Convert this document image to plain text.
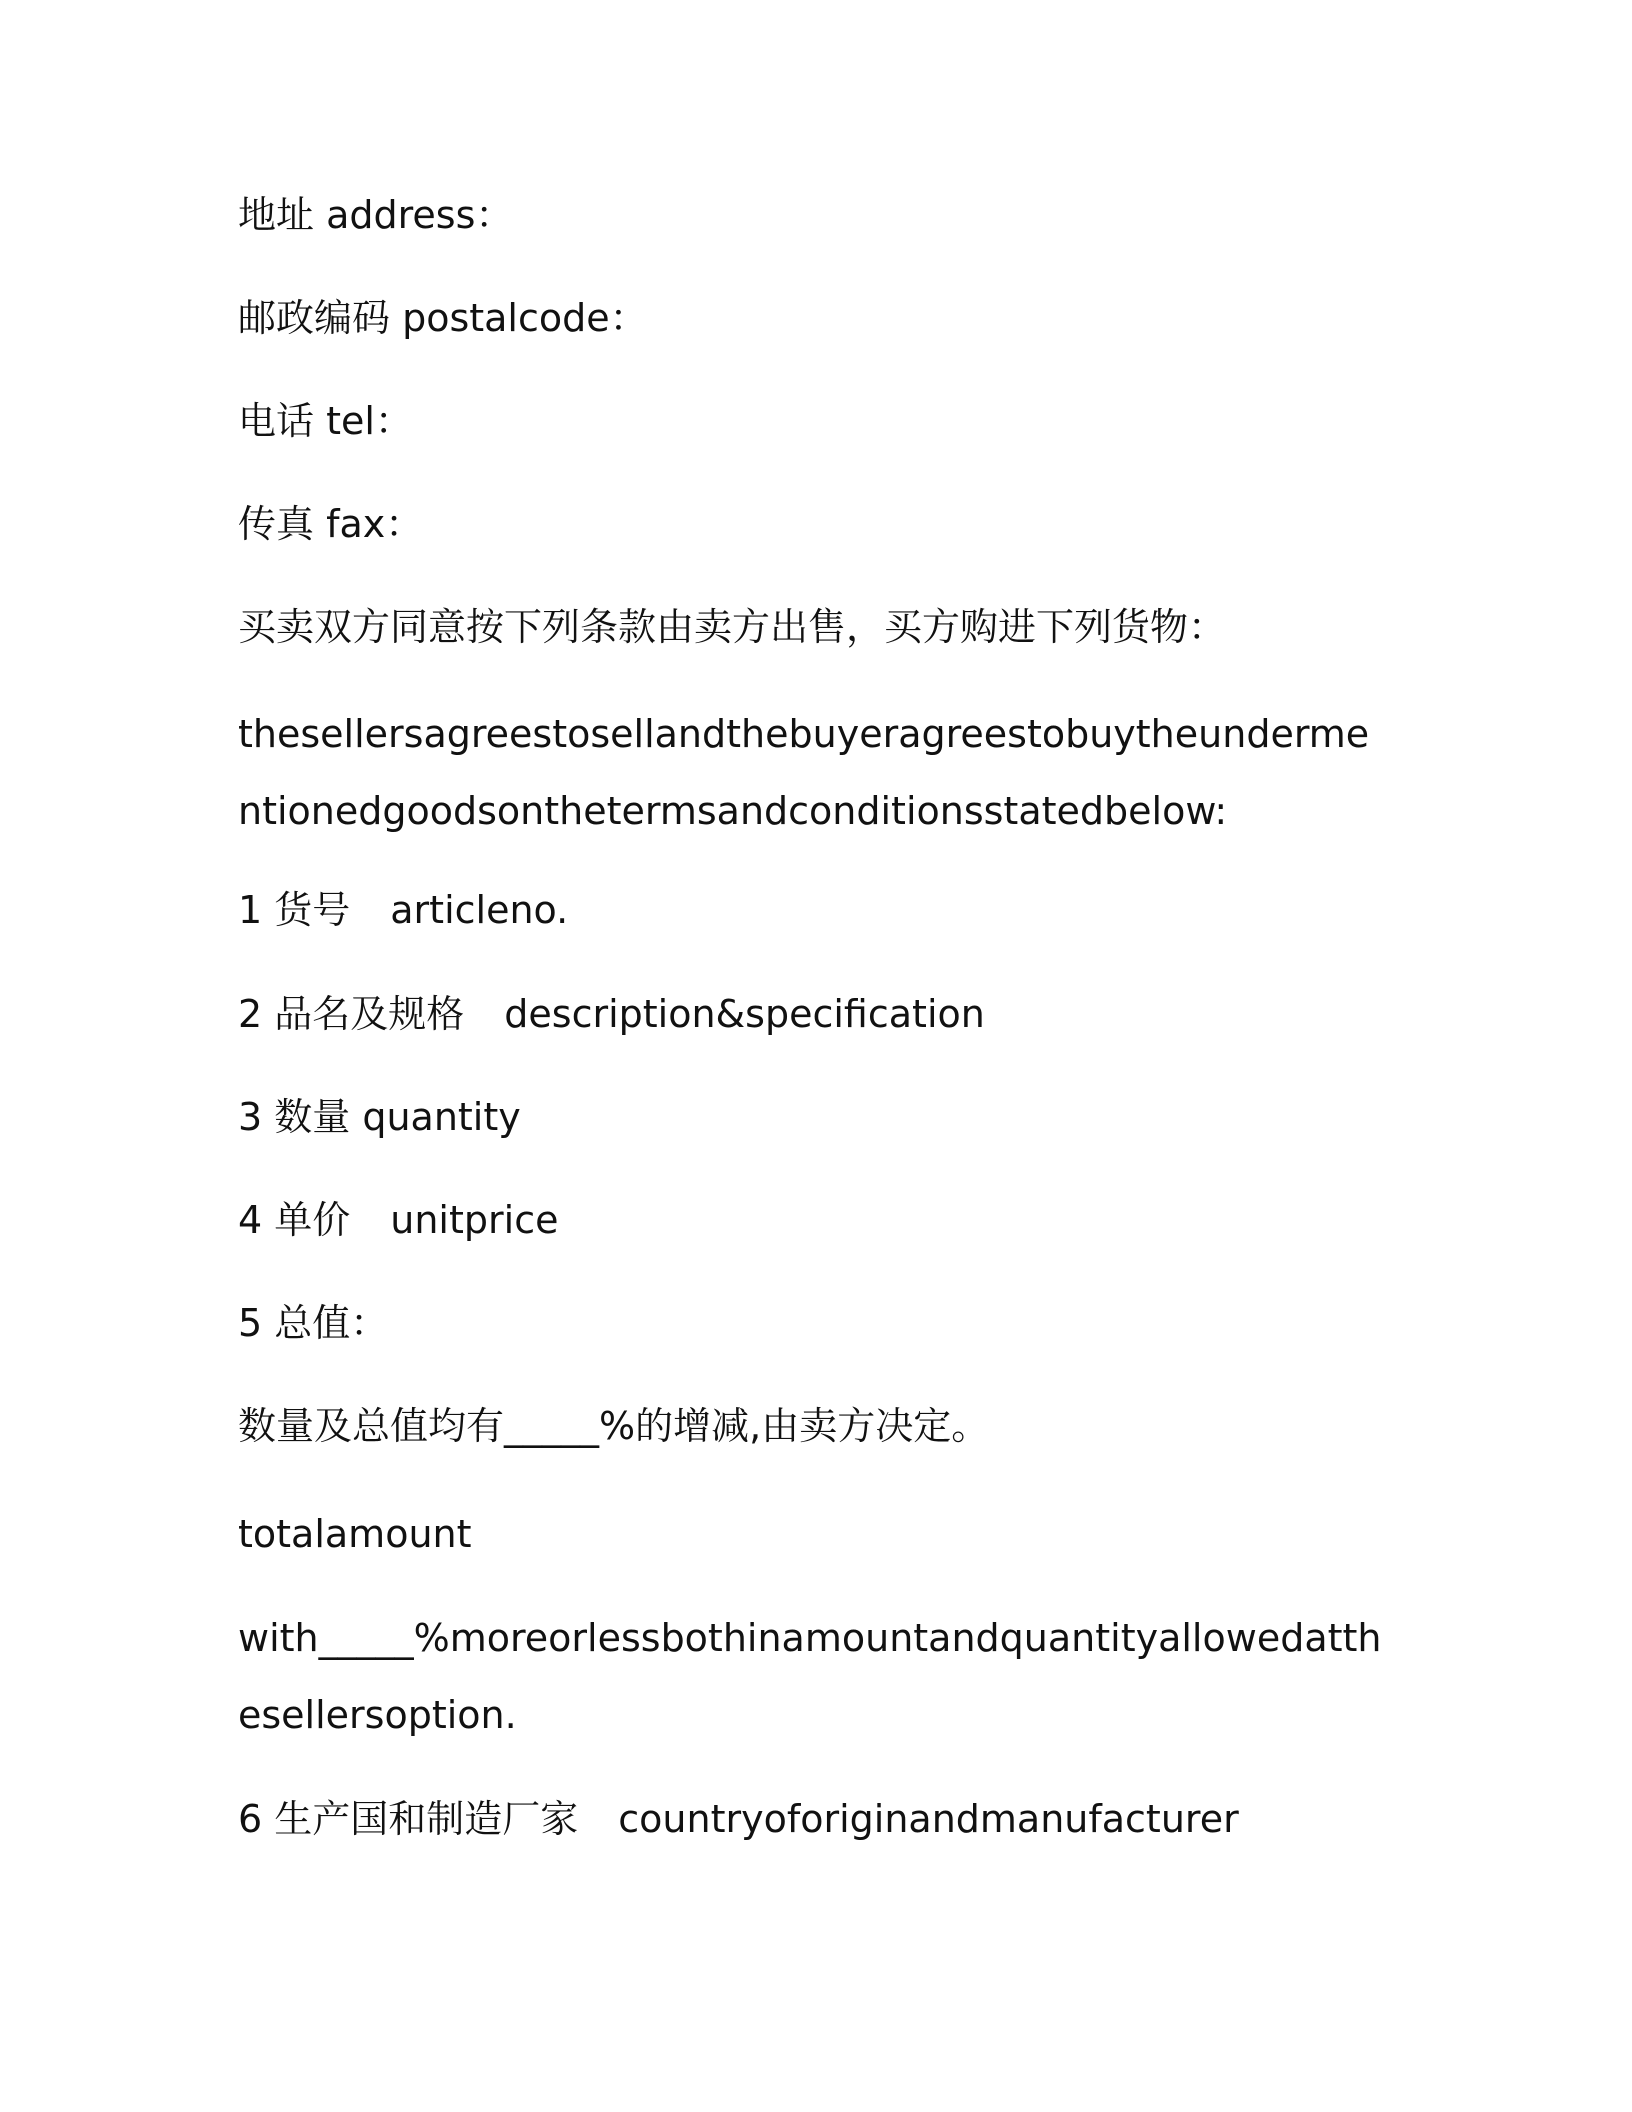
地址 address：
邮政编码 postalcode：
电话 tel：
传真 fax：
买卖双方同意按下列条款由卖方出售，买方购进下列货物：
thesellersagreestosellandthebuyeragreestobuytheundermentionedgoodsonthetermsandconditionsstatedbelow:
1 货号 articleno.
2 品名及规格 description&specification
3 数量 quantity
4 单价 unitprice
5 总值：
数量及总值均有_____%的增减,由卖方决定。
totalamount
with_____%moreorlessbothinamountandquantityallowedatthesellersoption.
6 生产国和制造厂家 countryoforiginandmanufacturer
